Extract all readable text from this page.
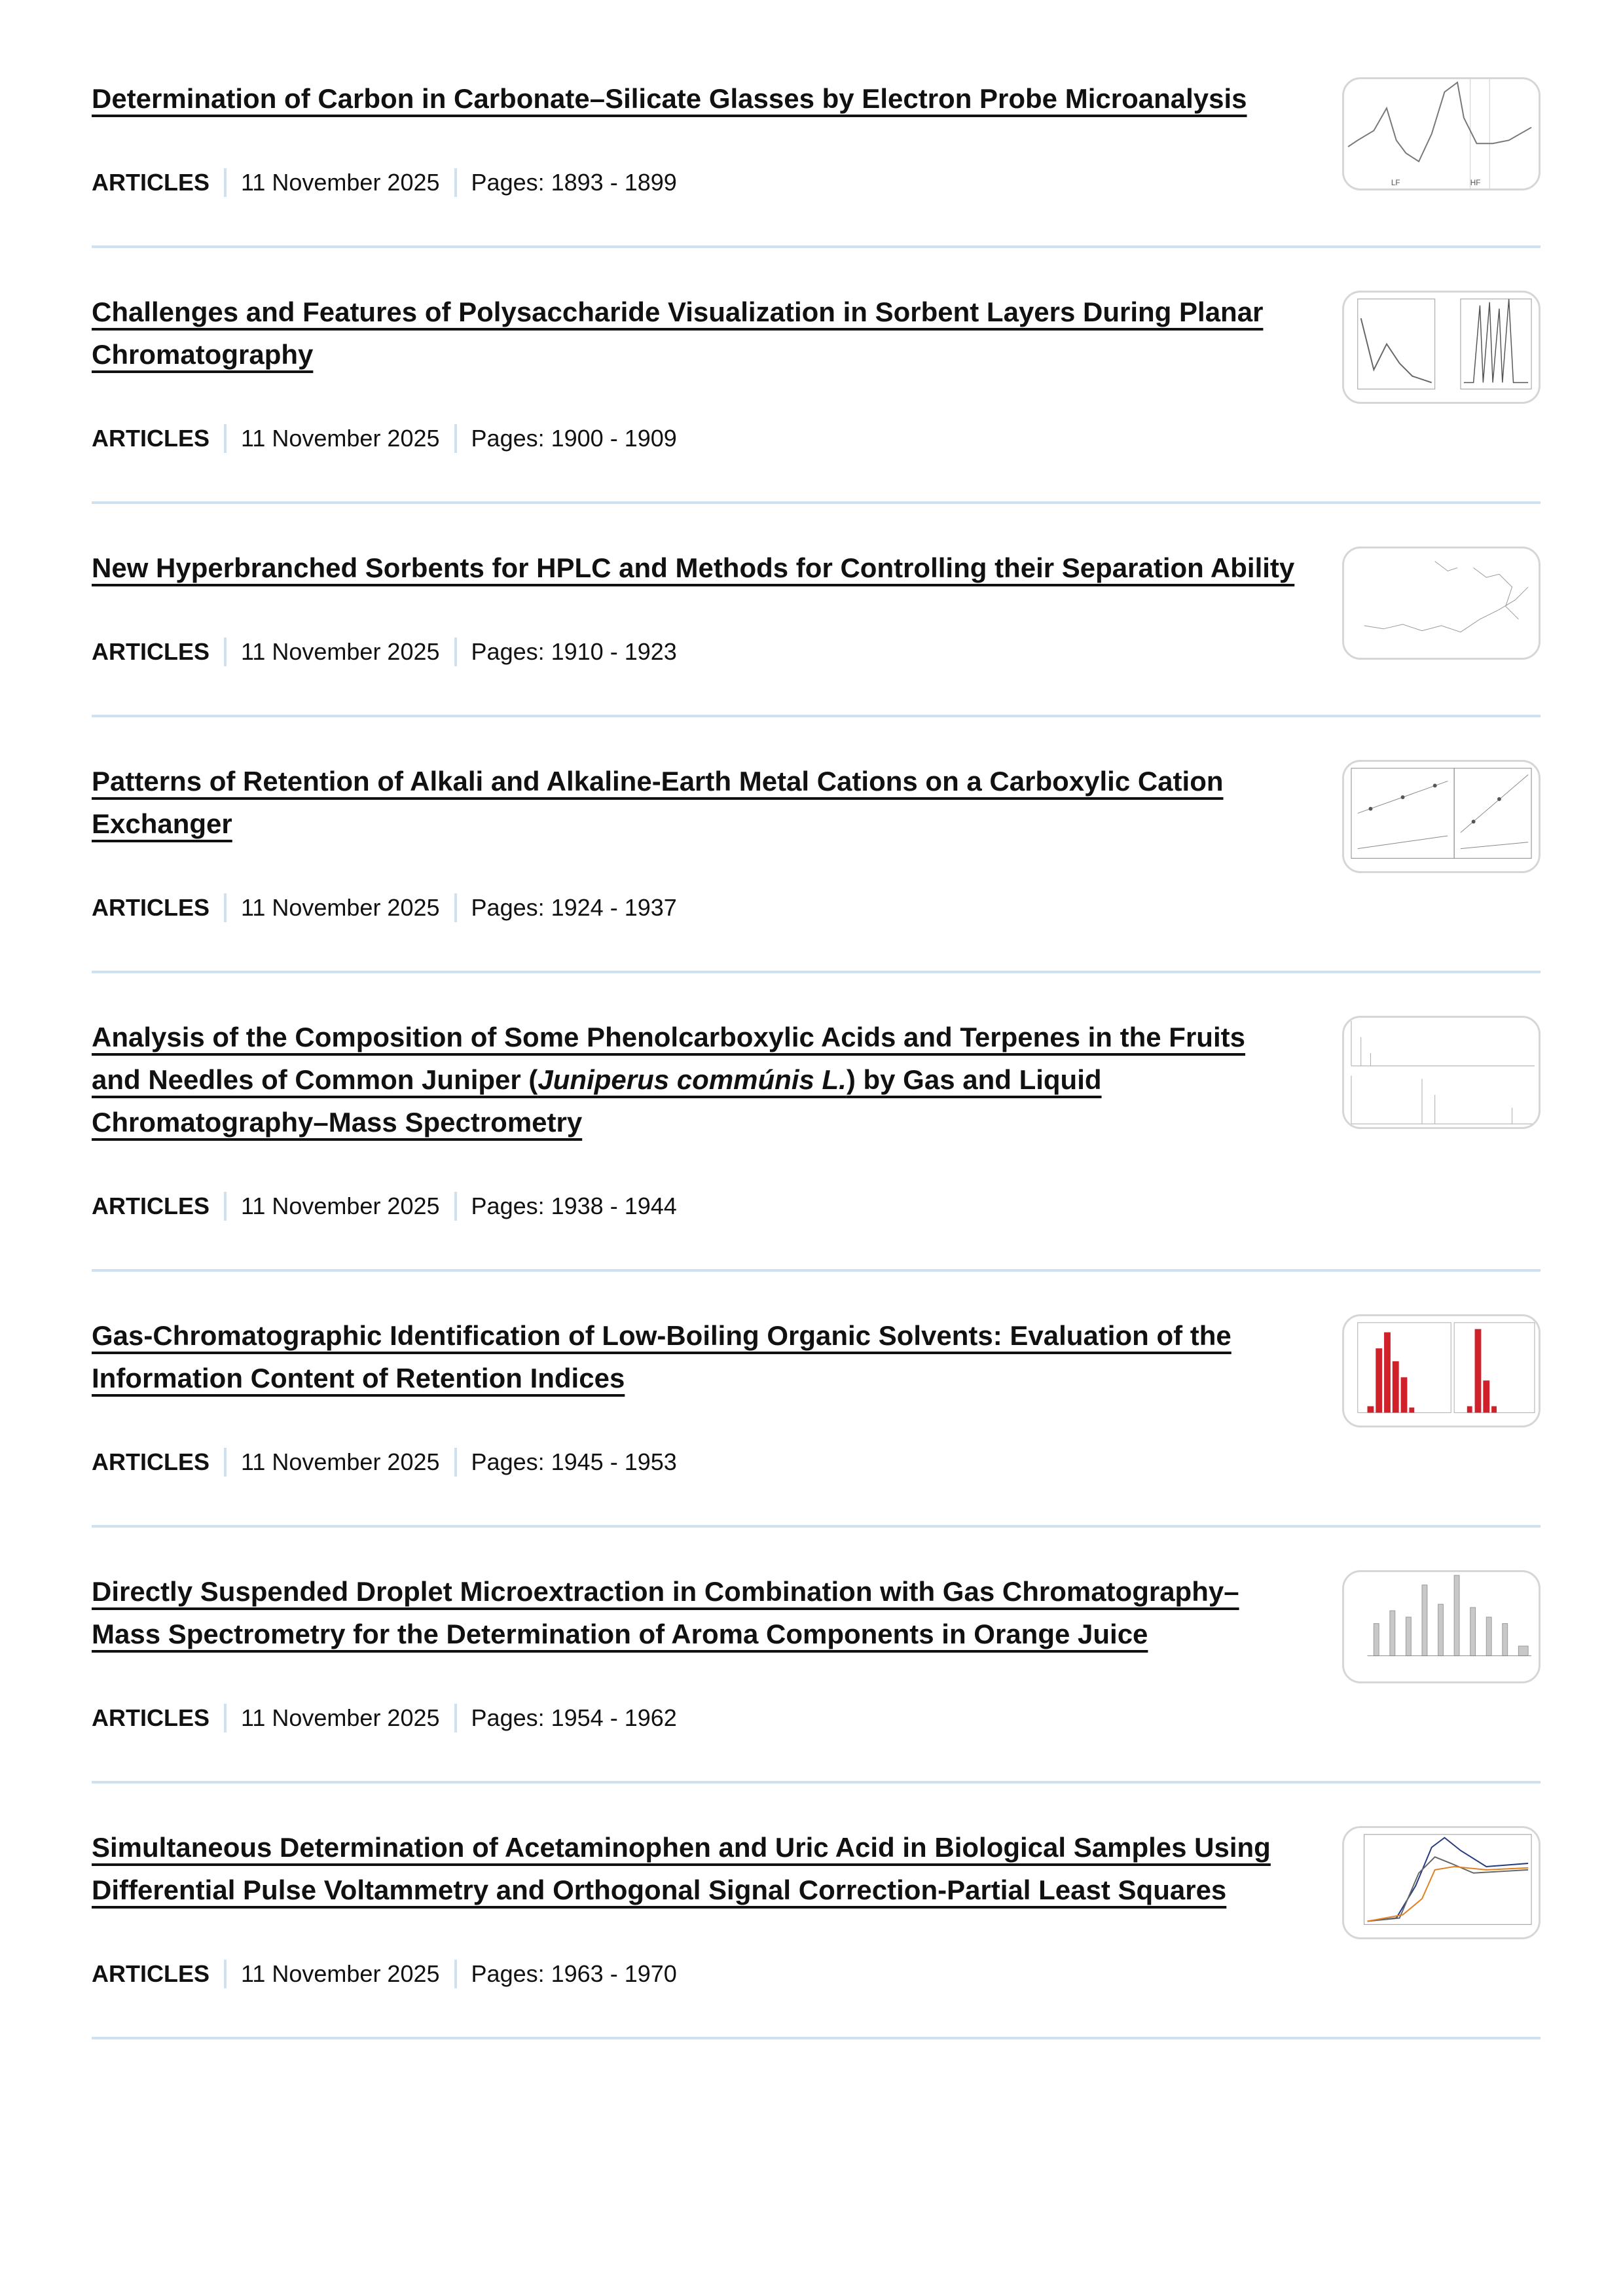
Determination of Carbon in Carbonate–Silicate Glasses by Electron Probe Microanalysis
ARTICLES 11 November 2025 Pages: 1893 - 1899	LF	HF
Challenges and Features of Polysaccharide Visualization in Sorbent Layers During Planar Chromatography
ARTICLES 11 November 2025 Pages: 1900 - 1909
New Hyperbranched Sorbents for HPLC and Methods for Controlling their Separation Ability
ARTICLES 11 November 2025 Pages: 1910 - 1923
Patterns of Retention of Alkali and Alkaline-Earth Metal Cations on a Carboxylic Cation Exchanger
ARTICLES 11 November 2025 Pages: 1924 - 1937
Analysis of the Composition of Some Phenolcarboxylic Acids and Terpenes in the Fruits and Needles of Common Juniper (Juniperus commúnis L.) by Gas and Liquid Chromatography–Mass Spectrometry
ARTICLES 11 November 2025 Pages: 1938 - 1944
Gas-Chromatographic Identification of Low-Boiling Organic Solvents: Evaluation of the Information Content of Retention Indices
ARTICLES 11 November 2025 Pages: 1945 - 1953
Directly Suspended Droplet Microextraction in Combination with Gas Chromatography–Mass Spectrometry for the Determination of Aroma Components in Orange Juice
ARTICLES 11 November 2025 Pages: 1954 - 1962
Simultaneous Determination of Acetaminophen and Uric Acid in Biological Samples Using Differential Pulse Voltammetry and Orthogonal Signal Correction-Partial Least Squares
ARTICLES 11 November 2025 Pages: 1963 - 1970
